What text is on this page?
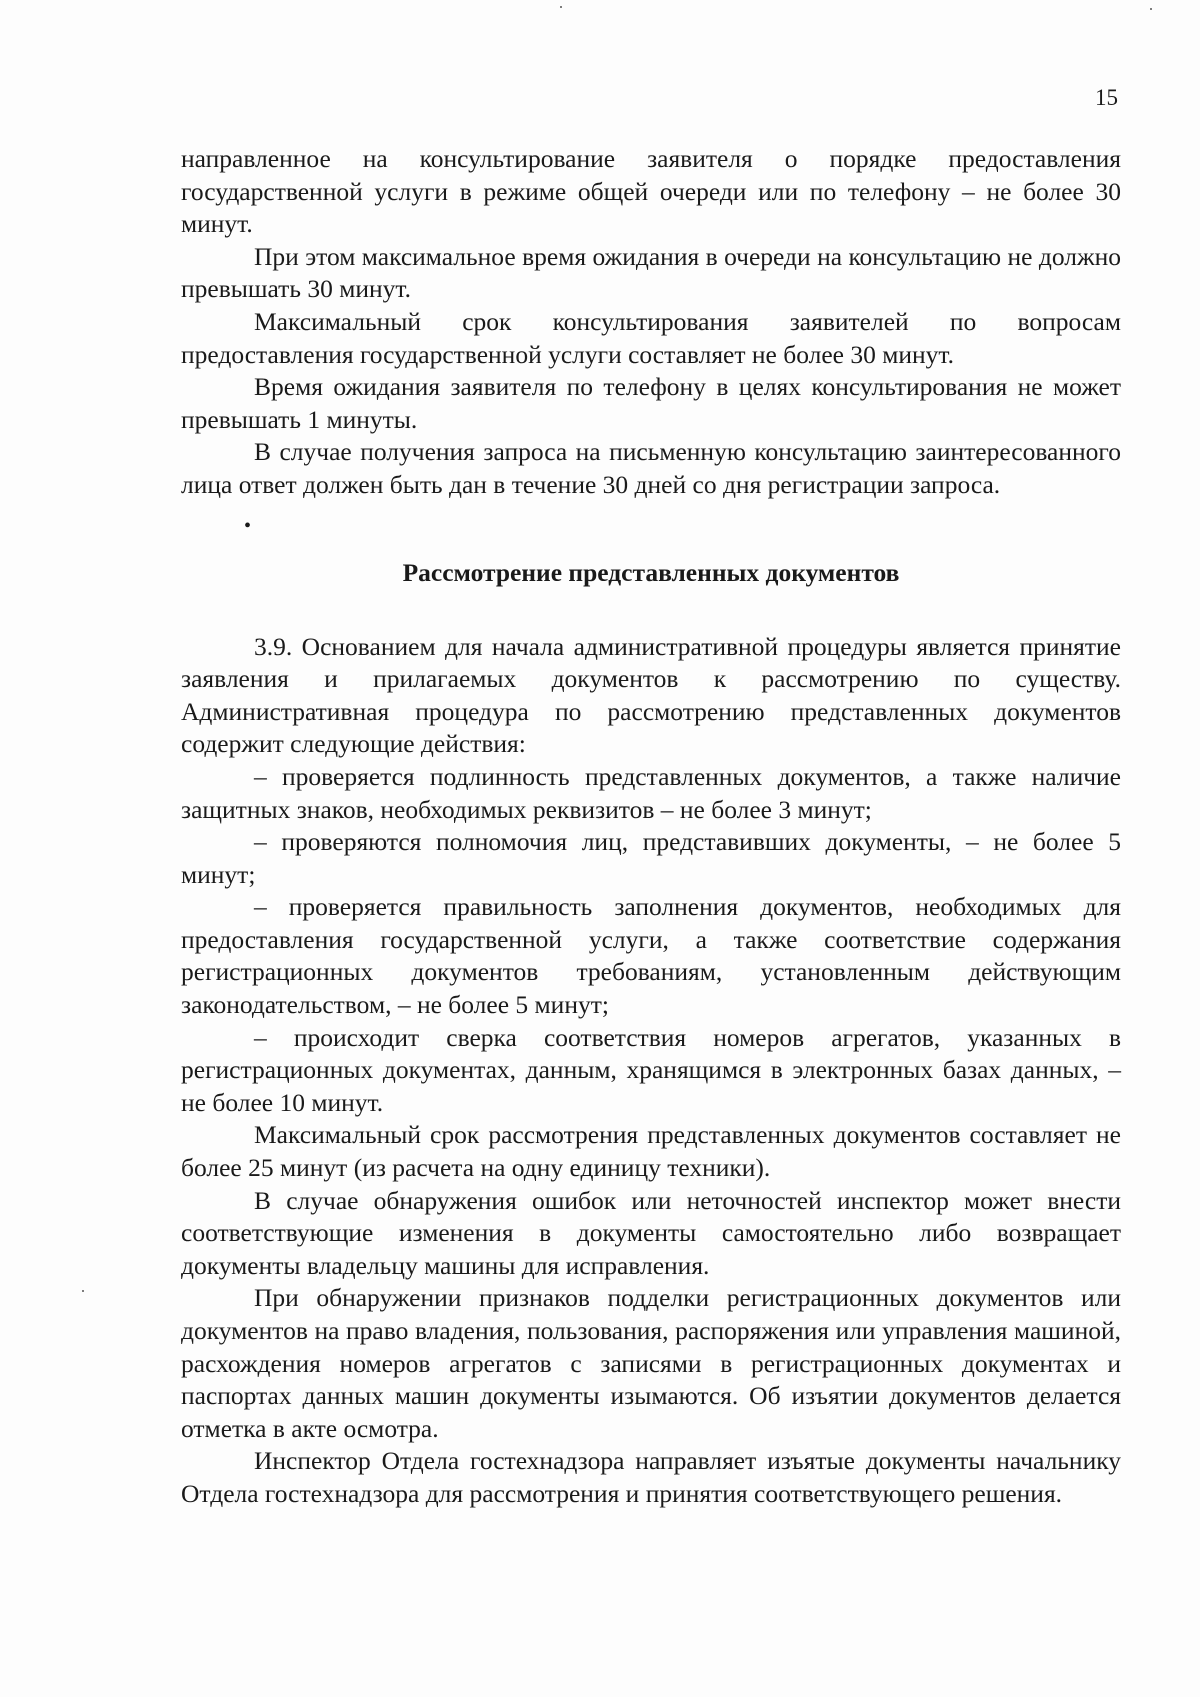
15

направленное на консультирование заявителя о порядке предоставления государственной услуги в режиме общей очереди или по телефону – не более 30 минут.

При этом максимальное время ожидания в очереди на консультацию не должно превышать 30 минут.

Максимальный срок консультирования заявителей по вопросам предоставления государственной услуги составляет не более 30 минут.

Время ожидания заявителя по телефону в целях консультирования не может превышать 1 минуты.

В случае получения запроса на письменную консультацию заинтересованного лица ответ должен быть дан в течение 30 дней со дня регистрации запроса.

•
Рассмотрение представленных документов

3.9. Основанием для начала административной процедуры является принятие заявления и прилагаемых документов к рассмотрению по существу. Административная процедура по рассмотрению представленных документов содержит следующие действия:

– проверяется подлинность представленных документов, а также наличие защитных знаков, необходимых реквизитов – не более 3 минут;

– проверяются полномочия лиц, представивших документы, – не более 5 минут;

– проверяется правильность заполнения документов, необходимых для предоставления государственной услуги, а также соответствие содержания регистрационных документов требованиям, установленным действующим законодательством, – не более 5 минут;

– происходит сверка соответствия номеров агрегатов, указанных в регистрационных документах, данным, хранящимся в электронных базах данных, – не более 10 минут.

Максимальный срок рассмотрения представленных документов составляет не более 25 минут (из расчета на одну единицу техники).

В случае обнаружения ошибок или неточностей инспектор может внести соответствующие изменения в документы самостоятельно либо возвращает документы владельцу машины для исправления.

При обнаружении признаков подделки регистрационных документов или документов на право владения, пользования, распоряжения или управления машиной, расхождения номеров агрегатов с записями в регистрационных документах и паспортах данных машин документы изымаются. Об изъятии документов делается отметка в акте осмотра.

Инспектор Отдела гостехнадзора направляет изъятые документы начальнику Отдела гостехнадзора для рассмотрения и принятия соответствующего решения.
